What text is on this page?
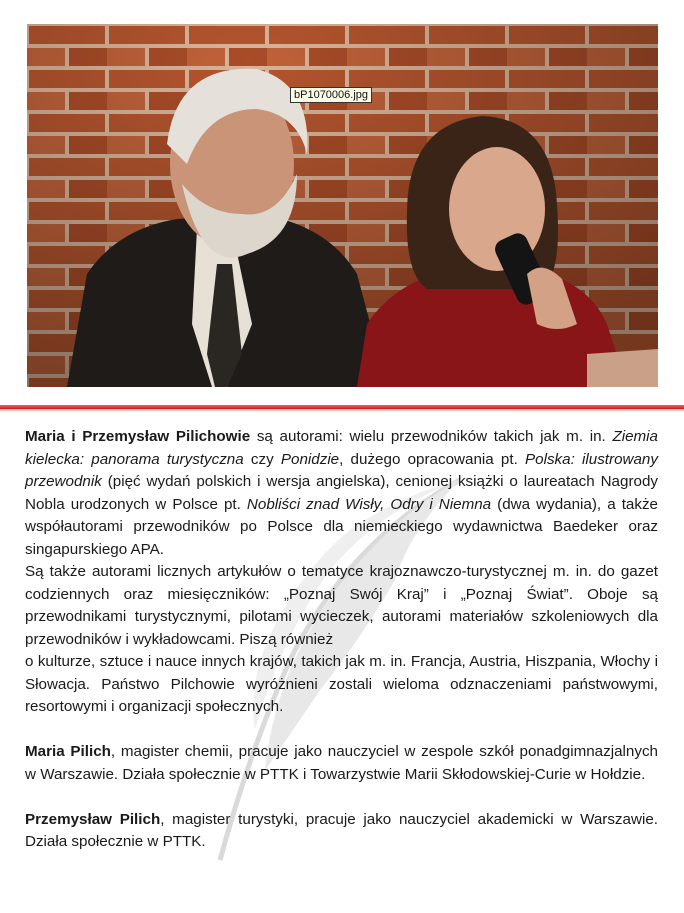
bP1070006.jpg

Maria i Przemysław Pilichowie są autorami: wielu przewodników takich jak m. in. Ziemia kielecka: panorama turystyczna czy Ponidzie, dużego opracowania pt. Polska: ilustrowany przewodnik (pięć wydań polskich i wersja angielska), cenionej książki o laureatach Nagrody Nobla urodzonych w Polsce pt. Nobliści znad Wisły, Odry i Niemna (dwa wydania), a także współautorami przewodników po Polsce dla niemieckiego wydawnictwa Baedeker oraz singapurskiego APA.

Są także autorami licznych artykułów o tematyce krajoznawczo-turystycznej m. in. do gazet codziennych oraz miesięczników: „Poznaj Swój Kraj” i „Poznaj Świat”. Oboje są przewodnikami turystycznymi, pilotami wycieczek, autorami materiałów szkoleniowych dla przewodników i wykładowcami. Piszą również

o kulturze, sztuce i nauce innych krajów, takich jak m. in. Francja, Austria, Hiszpania, Włochy i Słowacja. Państwo Pilchowie wyróżnieni zostali wieloma odznaczeniami państwowymi, resortowymi i organizacji społecznych.

Maria Pilich, magister chemii, pracuje jako nauczyciel w zespole szkół ponadgimnazjalnych w Warszawie. Działa społecznie w PTTK i Towarzystwie Marii Skłodowskiej-Curie w Hołdzie.

Przemysław Pilich, magister turystyki, pracuje jako nauczyciel akademicki w Warszawie. Działa społecznie w PTTK.
